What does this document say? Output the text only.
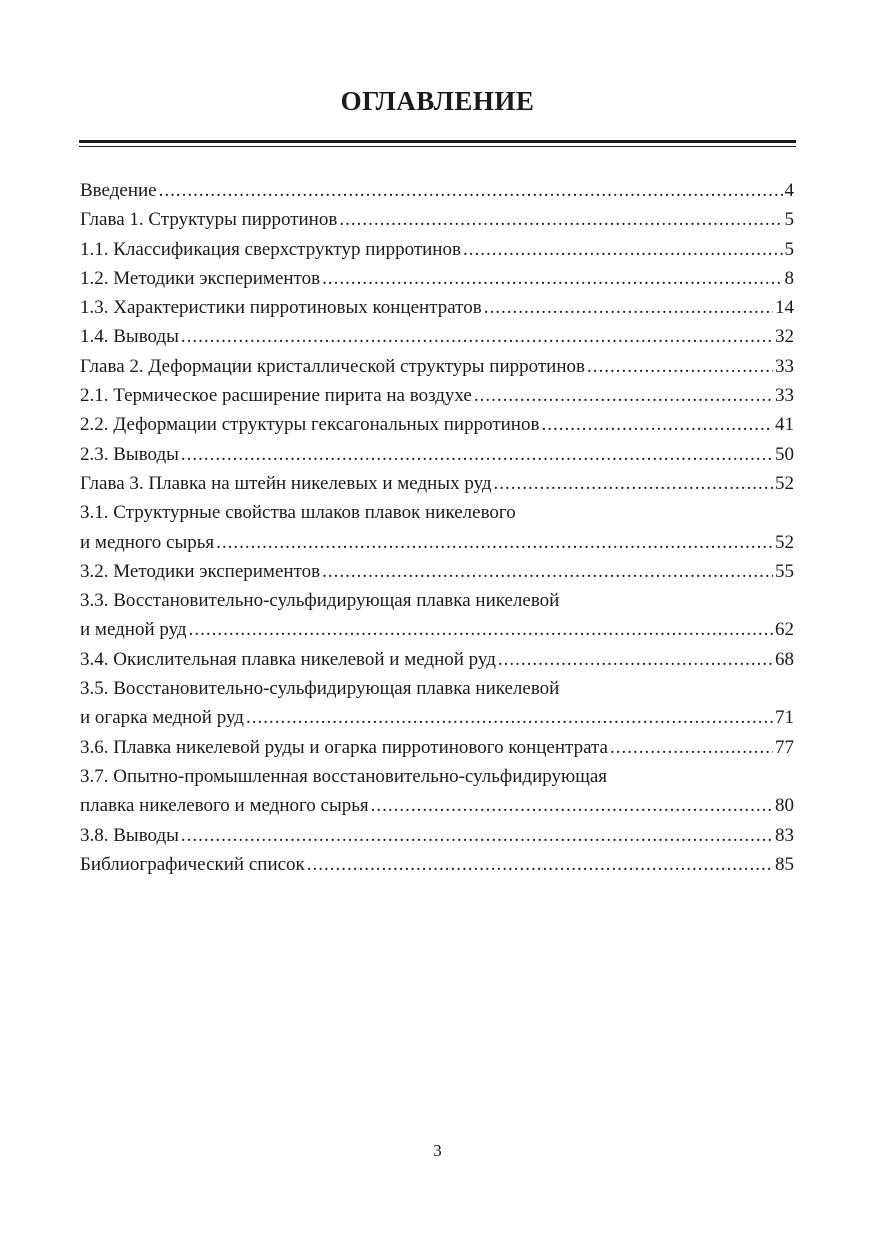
ОГЛАВЛЕНИЕ
Введение .....	4
Глава 1. Структуры пирротинов .....	5
1.1. Классификация сверхструктур пирротинов .....	5
1.2. Методики экспериментов .....	8
1.3. Характеристики пирротиновых концентратов .....	14
1.4. Выводы .....	32
Глава 2. Деформации кристаллической структуры пирротинов .....	33
2.1. Термическое расширение пирита на воздухе .....	33
2.2. Деформации структуры гексагональных пирротинов .....	41
2.3. Выводы .....	50
Глава 3. Плавка на штейн никелевых и медных руд .....	52
3.1. Структурные свойства шлаков плавок никелевого
и медного сырья .....	52
3.2. Методики экспериментов .....	55
3.3. Восстановительно-сульфидирующая плавка никелевой
и медной руд .....	62
3.4. Окислительная плавка никелевой и медной руд .....	68
3.5. Восстановительно-сульфидирующая плавка никелевой
и огарка медной руд .....	71
3.6. Плавка никелевой руды и огарка пирротинового концентрата .....	77
3.7. Опытно-промышленная восстановительно-сульфидирующая
плавка никелевого и медного сырья .....	80
3.8. Выводы .....	83
Библиографический список .....	85

3
